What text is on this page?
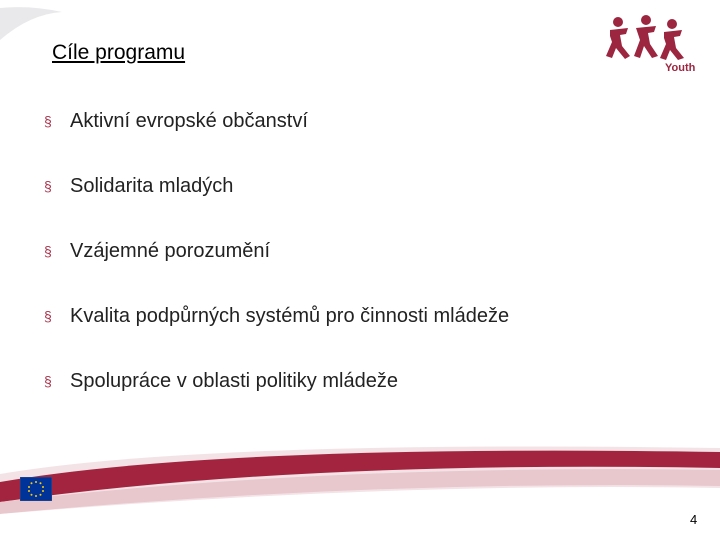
Cíle programu
Youth
§ Aktivní evropské občanství
§ Solidarita mladých
§ Vzájemné porozumění
§ Kvalita podpůrných systémů pro činnosti mládeže
§ Spolupráce v oblasti politiky mládeže
4
